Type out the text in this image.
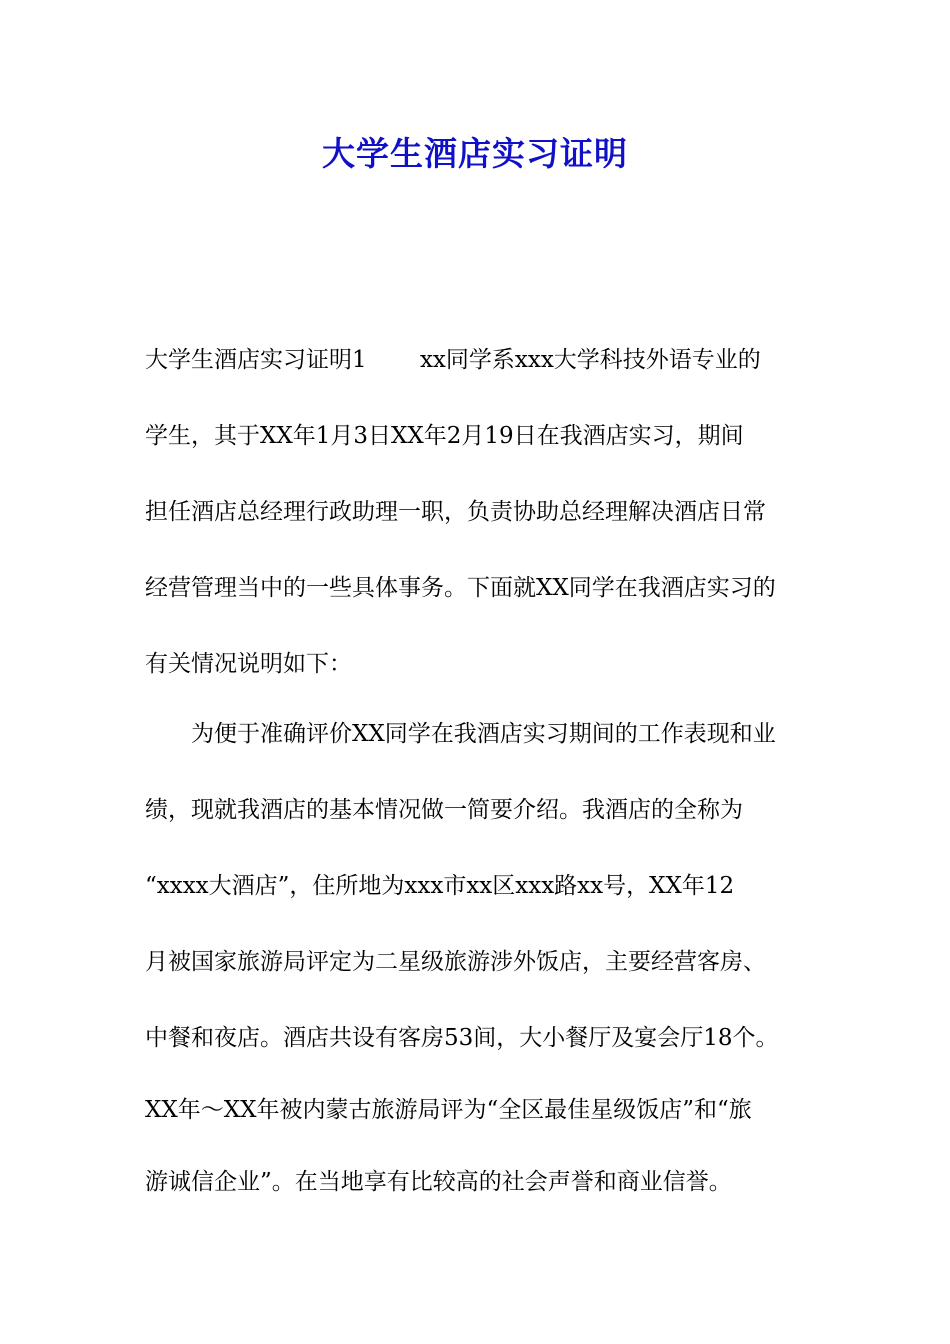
大学生酒店实习证明
大学生酒店实习证明1　　 xx同学系xxx大学科技外语专业的
学生，其于XX年1月3日XX年2月19日在我酒店实习，期间
担任酒店总经理行政助理一职，负责协助总经理解决酒店日常
经营管理当中的一些具体事务。下面就XX同学在我酒店实习的
有关情况说明如下：
为便于准确评价XX同学在我酒店实习期间的工作表现和业
绩，现就我酒店的基本情况做一简要介绍。我酒店的全称为
“xxxx大酒店”，住所地为xxx市xx区xxx路xx号，XX年12
月被国家旅游局评定为二星级旅游涉外饭店，主要经营客房、
中餐和夜店。酒店共设有客房53间，大小餐厅及宴会厅18个。
XX年～XX年被内蒙古旅游局评为“全区最佳星级饭店”和“旅
游诚信企业”。在当地享有比较高的社会声誉和商业信誉。
